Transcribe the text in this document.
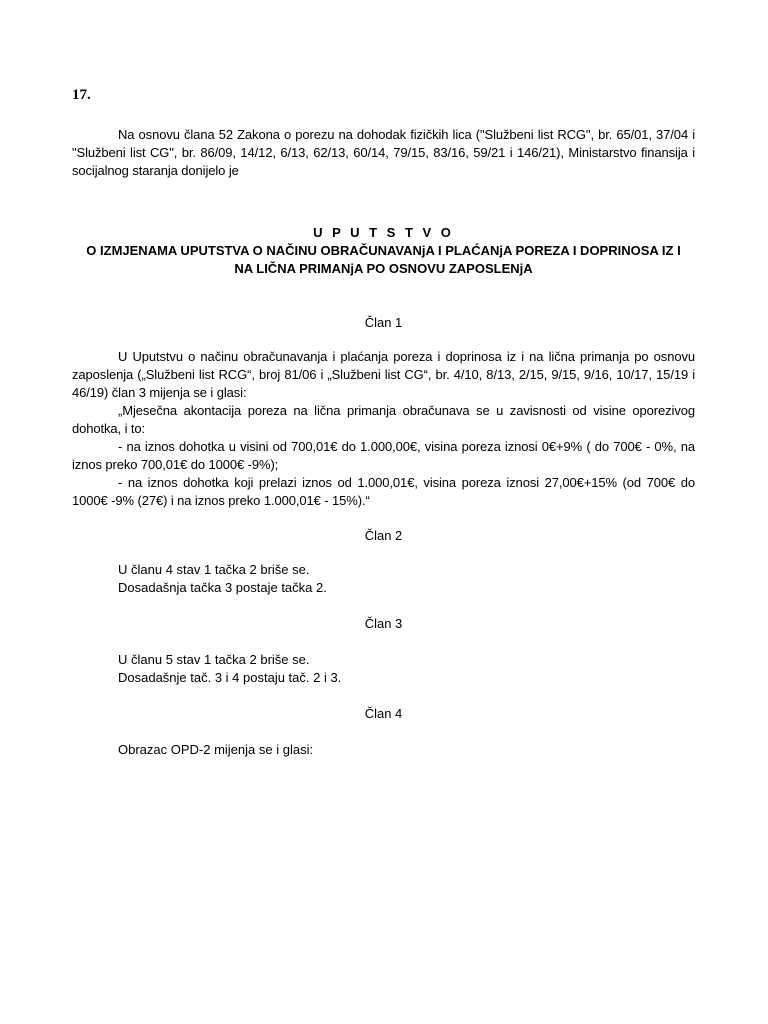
17.
Na osnovu člana 52 Zakona o porezu na dohodak fizičkih lica ("Službeni list RCG", br. 65/01, 37/04 i "Službeni list CG", br. 86/09, 14/12, 6/13, 62/13, 60/14, 79/15, 83/16, 59/21 i 146/21), Ministarstvo finansija i socijalnog staranja donijelo je
U P U T S T V O
O IZMJENAMA UPUTSTVA O NAČINU OBRAČUNAVANjA I PLAĆANjA POREZA I DOPRINOSA IZ I
NA LIČNA PRIMANjA PO OSNOVU ZAPOSLENjA
Član 1
U Uputstvu o načinu obračunavanja i plaćanja poreza i doprinosa iz i na lična primanja po osnovu zaposlenja („Službeni list RCG“, broj 81/06 i „Službeni list CG“, br. 4/10, 8/13, 2/15, 9/15, 9/16, 10/17, 15/19 i 46/19) član 3 mijenja se i glasi:
„Mjesečna akontacija poreza na lična primanja obračunava se u zavisnosti od visine oporezivog dohotka, i to:
- na iznos dohotka u visini od 700,01€ do 1.000,00€, visina poreza iznosi 0€+9% ( do 700€ - 0%, na iznos preko 700,01€ do 1000€ -9%);
- na iznos dohotka koji prelazi iznos od 1.000,01€, visina poreza iznosi 27,00€+15% (od 700€ do 1000€ -9% (27€) i na iznos preko 1.000,01€ - 15%).“
Član 2
U članu 4 stav 1 tačka 2 briše se.
Dosadašnja tačka 3 postaje tačka 2.
Član 3
U članu 5 stav 1 tačka 2 briše se.
Dosadašnje tač. 3 i 4 postaju tač. 2 i 3.
Član 4
Obrazac OPD-2 mijenja se i glasi:
